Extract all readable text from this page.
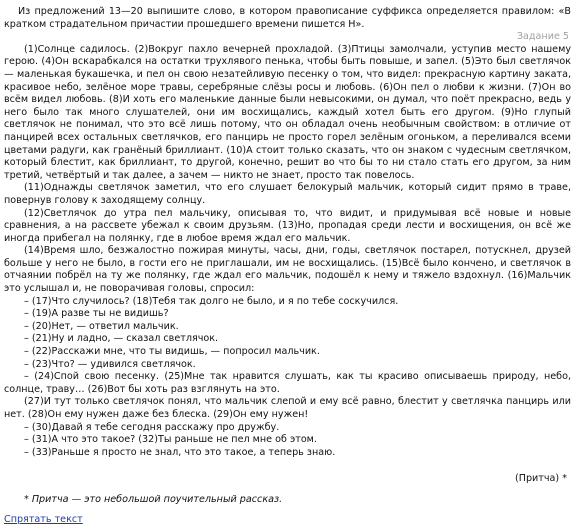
Из предложений 13—20 выпишите слово, в котором правописание суффикса определяется правилом: «В кратком страдательном причастии прошедшего времени пишется Н».

Задание 5

(1)Солнце садилось. (2)Вокруг пахло вечерней прохладой. (3)Птицы замолчали, уступив место нашему герою. (4)Он вскарабкался на остатки трухлявого пенька, чтобы быть повыше, и запел. (5)Это был светлячок — маленькая букашечка, и пел он свою незатейливую песенку о том, что видел: прекрасную картину заката, красивое небо, зелёное море травы, серебряные слёзы росы и любовь. (6)Он пел о любви к жизни. (7)Он во всём видел любовь. (8)И хоть его маленькие данные были невысокими, он думал, что поёт прекрасно, ведь у него было так много слушателей, они им восхищались, каждый хотел быть его другом. (9)Но глупый светлячок не понимал, что это всё лишь потому, что он обладал очень необычным свойством: в отличие от панцирей всех остальных светлячков, его панцирь не просто горел зелёным огоньком, а переливался всеми цветами радуги, как гранёный бриллиант. (10)А стоит только сказать, что он знаком с чудесным светлячком, который блестит, как бриллиант, то другой, конечно, решит во что бы то ни стало стать его другом, за ним третий, четвёртый и так далее, а зачем — никто не знает, просто так повелось.

(11)Однажды светлячок заметил, что его слушает белокурый мальчик, который сидит прямо в траве, повернув голову к заходящему солнцу.

(12)Светлячок до утра пел мальчику, описывая то, что видит, и придумывая всё новые и новые сравнения, а на рассвете убежал к своим друзьям. (13)Но, пропадая среди лести и восхищения, он всё же иногда прибегал на полянку, где в любое время ждал его мальчик.

(14)Время шло, безжалостно пожирая минуты, часы, дни, годы, светлячок постарел, потускнел, друзей больше у него не было, в гости его не приглашали, им не восхищались. (15)Всё было кончено, и светлячок в отчаянии побрёл на ту же полянку, где ждал его мальчик, подошёл к нему и тяжело вздохнул. (16)Мальчик это услышал и, не поворачивая головы, спросил:

– (17)Что случилось? (18)Тебя так долго не было, и я по тебе соскучился.

– (19)А разве ты не видишь?

– (20)Нет, — ответил мальчик.

– (21)Ну и ладно, — сказал светлячок.

– (22)Расскажи мне, что ты видишь, — попросил мальчик.

– (23)Что? — удивился светлячок.

– (24)Спой свою песенку. (25)Мне так нравится слушать, как ты красиво описываешь природу, небо, солнце, траву… (26)Вот бы хоть раз взглянуть на это.

(27)И тут только светлячок понял, что мальчик слепой и ему всё равно, блестит у светлячка панцирь или нет. (28)Он ему нужен даже без блеска. (29)Он ему нужен!

– (30)Давай я тебе сегодня расскажу про дружбу.

– (31)А что это такое? (32)Ты раньше не пел мне об этом.

– (33)Раньше я просто не знал, что это такое, а теперь знаю.

(Притча) *

* Притча — это небольшой поучительный рассказ.

Спрятать текст
